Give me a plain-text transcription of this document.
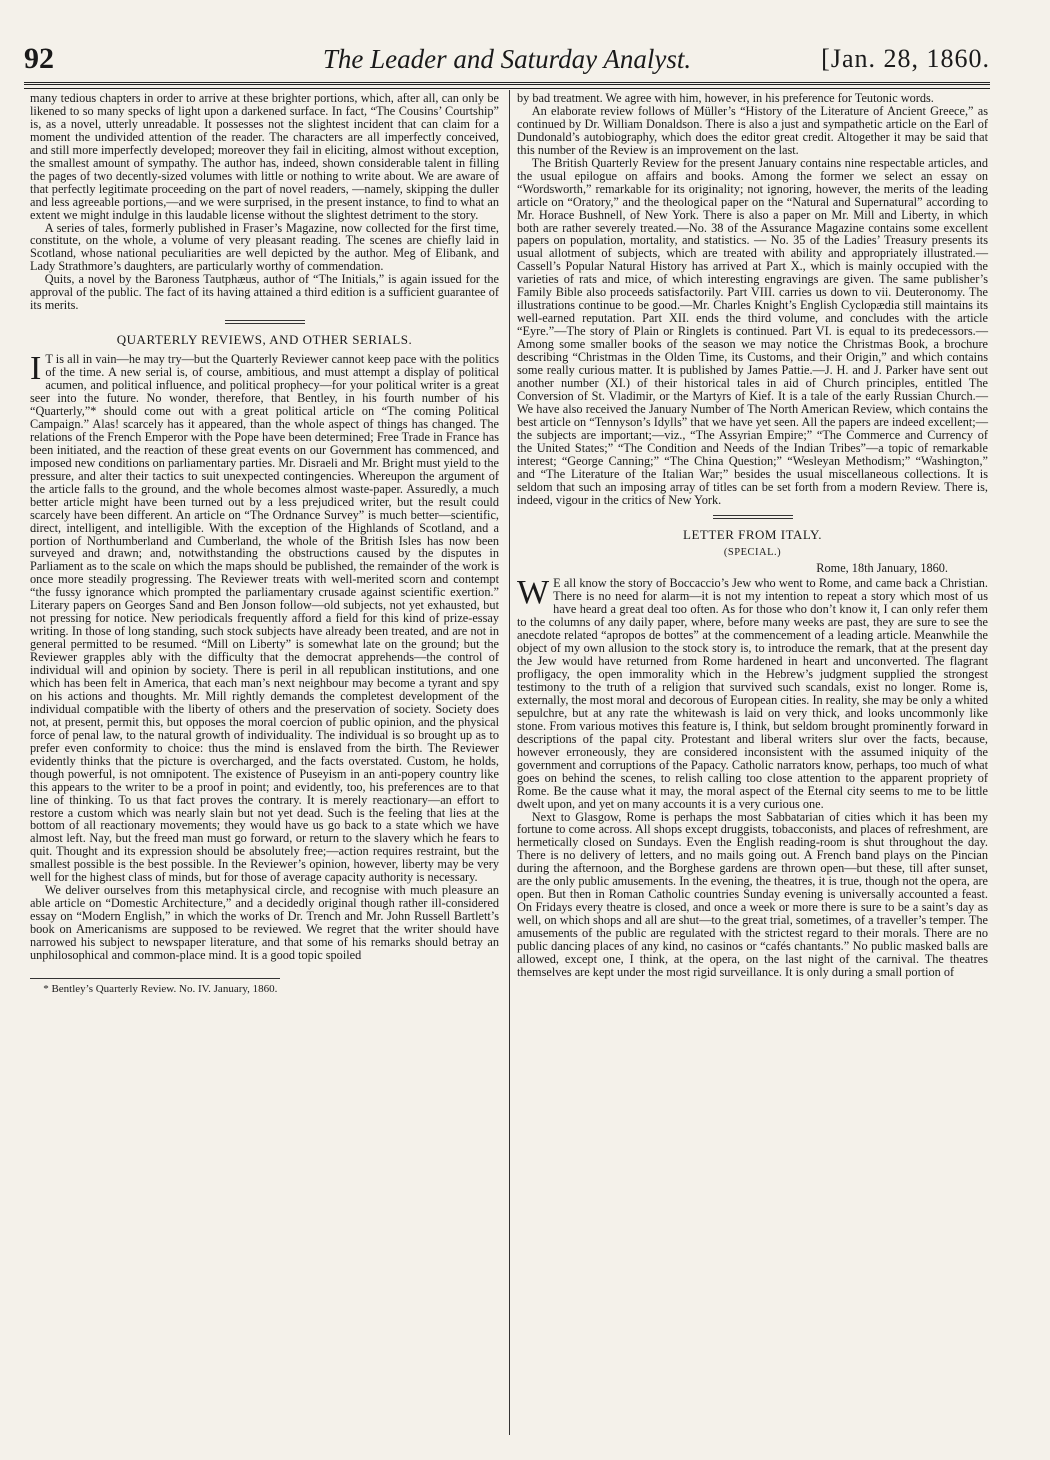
92	The Leader and Saturday Analyst.	[Jan. 28, 1860.

many tedious chapters in order to arrive at these brighter portions, which, after all, can only be likened to so many specks of light upon a darkened surface. In fact, “The Cousins’ Courtship” is, as a novel, utterly unreadable. It possesses not the slightest incident that can claim for a moment the undivided attention of the reader. The characters are all imperfectly conceived, and still more imperfectly developed; moreover they fail in eliciting, almost without exception, the smallest amount of sympathy. The author has, indeed, shown considerable talent in filling the pages of two decently-sized volumes with little or nothing to write about. We are aware of that perfectly legitimate proceeding on the part of novel readers, —namely, skipping the duller and less agreeable portions,—and we were surprised, in the present instance, to find to what an extent we might indulge in this laudable license without the slightest detriment to the story.

A series of tales, formerly published in Fraser’s Magazine, now collected for the first time, constitute, on the whole, a volume of very pleasant reading. The scenes are chiefly laid in Scotland, whose national peculiarities are well depicted by the author. Meg of Elibank, and Lady Strathmore’s daughters, are particularly worthy of commendation.

Quits, a novel by the Baroness Tautphæus, author of “The Initials,” is again issued for the approval of the public. The fact of its having attained a third edition is a sufficient guarantee of its merits.

QUARTERLY REVIEWS, AND OTHER SERIALS.

I T is all in vain—he may try—but the Quarterly Reviewer cannot keep pace with the politics of the time. A new serial is, of course, ambitious, and must attempt a display of political acumen, and political influence, and political prophecy—for your political writer is a great seer into the future. No wonder, therefore, that Bentley, in his fourth number of his “Quarterly,”* should come out with a great political article on “The coming Political Campaign.” Alas! scarcely has it appeared, than the whole aspect of things has changed. The relations of the French Emperor with the Pope have been determined; Free Trade in France has been initiated, and the reaction of these great events on our Government has commenced, and imposed new conditions on parliamentary parties. Mr. Disraeli and Mr. Bright must yield to the pressure, and alter their tactics to suit unexpected contingencies. Whereupon the argument of the article falls to the ground, and the whole becomes almost waste-paper. Assuredly, a much better article might have been turned out by a less prejudiced writer, but the result could scarcely have been different. An article on “The Ordnance Survey” is much better—scientific, direct, intelligent, and intelligible. With the exception of the Highlands of Scotland, and a portion of Northumberland and Cumberland, the whole of the British Isles has now been surveyed and drawn; and, notwithstanding the obstructions caused by the disputes in Parliament as to the scale on which the maps should be published, the remainder of the work is once more steadily progressing. The Reviewer treats with well-merited scorn and contempt “the fussy ignorance which prompted the parliamentary crusade against scientific exertion.” Literary papers on Georges Sand and Ben Jonson follow—old subjects, not yet exhausted, but not pressing for notice. New periodicals frequently afford a field for this kind of prize-essay writing. In those of long standing, such stock subjects have already been treated, and are not in general permitted to be resumed. “Mill on Liberty” is somewhat late on the ground; but the Reviewer grapples ably with the difficulty that the democrat apprehends—the control of individual will and opinion by society. There is peril in all republican institutions, and one which has been felt in America, that each man’s next neighbour may become a tyrant and spy on his actions and thoughts. Mr. Mill rightly demands the completest development of the individual compatible with the liberty of others and the preservation of society. Society does not, at present, permit this, but opposes the moral coercion of public opinion, and the physical force of penal law, to the natural growth of individuality. The individual is so brought up as to prefer even conformity to choice: thus the mind is enslaved from the birth. The Reviewer evidently thinks that the picture is overcharged, and the facts overstated. Custom, he holds, though powerful, is not omnipotent. The existence of Puseyism in an anti-popery country like this appears to the writer to be a proof in point; and evidently, too, his preferences are to that line of thinking. To us that fact proves the contrary. It is merely reactionary—an effort to restore a custom which was nearly slain but not yet dead. Such is the feeling that lies at the bottom of all reactionary movements; they would have us go back to a state which we have almost left. Nay, but the freed man must go forward, or return to the slavery which he fears to quit. Thought and its expression should be absolutely free;—action requires restraint, but the smallest possible is the best possible. In the Reviewer’s opinion, however, liberty may be very well for the highest class of minds, but for those of average capacity authority is necessary.

We deliver ourselves from this metaphysical circle, and recognise with much pleasure an able article on “Domestic Architecture,” and a decidedly original though rather ill-considered essay on “Modern English,” in which the works of Dr. Trench and Mr. John Russell Bartlett’s book on Americanisms are supposed to be reviewed. We regret that the writer should have narrowed his subject to newspaper literature, and that some of his remarks should betray an unphilosophical and common-place mind. It is a good topic spoiled

* Bentley’s Quarterly Review. No. IV. January, 1860.

by bad treatment. We agree with him, however, in his preference for Teutonic words.

An elaborate review follows of Müller’s “History of the Literature of Ancient Greece,” as continued by Dr. William Donaldson. There is also a just and sympathetic article on the Earl of Dundonald’s autobiography, which does the editor great credit. Altogether it may be said that this number of the Review is an improvement on the last.

The British Quarterly Review for the present January contains nine respectable articles, and the usual epilogue on affairs and books. Among the former we select an essay on “Wordsworth,” remarkable for its originality; not ignoring, however, the merits of the leading article on “Oratory,” and the theological paper on the “Natural and Supernatural” according to Mr. Horace Bushnell, of New York. There is also a paper on Mr. Mill and Liberty, in which both are rather severely treated.—No. 38 of the Assurance Magazine contains some excellent papers on population, mortality, and statistics. — No. 35 of the Ladies’ Treasury presents its usual allotment of subjects, which are treated with ability and appropriately illustrated.—Cassell’s Popular Natural History has arrived at Part X., which is mainly occupied with the varieties of rats and mice, of which interesting engravings are given. The same publisher’s Family Bible also proceeds satisfactorily. Part VIII. carries us down to vii. Deuteronomy. The illustrations continue to be good.—Mr. Charles Knight’s English Cyclopædia still maintains its well-earned reputation. Part XII. ends the third volume, and concludes with the article “Eyre.”—The story of Plain or Ringlets is continued. Part VI. is equal to its predecessors.—Among some smaller books of the season we may notice the Christmas Book, a brochure describing “Christmas in the Olden Time, its Customs, and their Origin,” and which contains some really curious matter. It is published by James Pattie.—J. H. and J. Parker have sent out another number (XI.) of their historical tales in aid of Church principles, entitled The Conversion of St. Vladimir, or the Martyrs of Kief. It is a tale of the early Russian Church.—We have also received the January Number of The North American Review, which contains the best article on “Tennyson’s Idylls” that we have yet seen. All the papers are indeed excellent;—the subjects are important;—viz., “The Assyrian Empire;” “The Commerce and Currency of the United States;” “The Condition and Needs of the Indian Tribes”—a topic of remarkable interest; “George Canning;” “The China Question;” “Wesleyan Methodism;” “Washington,” and “The Literature of the Italian War;” besides the usual miscellaneous collections. It is seldom that such an imposing array of titles can be set forth from a modern Review. There is, indeed, vigour in the critics of New York.

LETTER FROM ITALY.
(SPECIAL.)
Rome, 18th January, 1860.

W E all know the story of Boccaccio’s Jew who went to Rome, and came back a Christian. There is no need for alarm—it is not my intention to repeat a story which most of us have heard a great deal too often. As for those who don’t know it, I can only refer them to the columns of any daily paper, where, before many weeks are past, they are sure to see the anecdote related “apropos de bottes” at the commencement of a leading article. Meanwhile the object of my own allusion to the stock story is, to introduce the remark, that at the present day the Jew would have returned from Rome hardened in heart and unconverted. The flagrant profligacy, the open immorality which in the Hebrew’s judgment supplied the strongest testimony to the truth of a religion that survived such scandals, exist no longer. Rome is, externally, the most moral and decorous of European cities. In reality, she may be only a whited sepulchre, but at any rate the whitewash is laid on very thick, and looks uncommonly like stone. From various motives this feature is, I think, but seldom brought prominently forward in descriptions of the papal city. Protestant and liberal writers slur over the facts, because, however erroneously, they are considered inconsistent with the assumed iniquity of the government and corruptions of the Papacy. Catholic narrators know, perhaps, too much of what goes on behind the scenes, to relish calling too close attention to the apparent propriety of Rome. Be the cause what it may, the moral aspect of the Eternal city seems to me to be little dwelt upon, and yet on many accounts it is a very curious one.

Next to Glasgow, Rome is perhaps the most Sabbatarian of cities which it has been my fortune to come across. All shops except druggists, tobacconists, and places of refreshment, are hermetically closed on Sundays. Even the English reading-room is shut throughout the day. There is no delivery of letters, and no mails going out. A French band plays on the Pincian during the afternoon, and the Borghese gardens are thrown open—but these, till after sunset, are the only public amusements. In the evening, the theatres, it is true, though not the opera, are open. But then in Roman Catholic countries Sunday evening is universally accounted a feast. On Fridays every theatre is closed, and once a week or more there is sure to be a saint’s day as well, on which shops and all are shut—to the great trial, sometimes, of a traveller’s temper. The amusements of the public are regulated with the strictest regard to their morals. There are no public dancing places of any kind, no casinos or “cafés chantants.” No public masked balls are allowed, except one, I think, at the opera, on the last night of the carnival. The theatres themselves are kept under the most rigid surveillance. It is only during a small portion of
